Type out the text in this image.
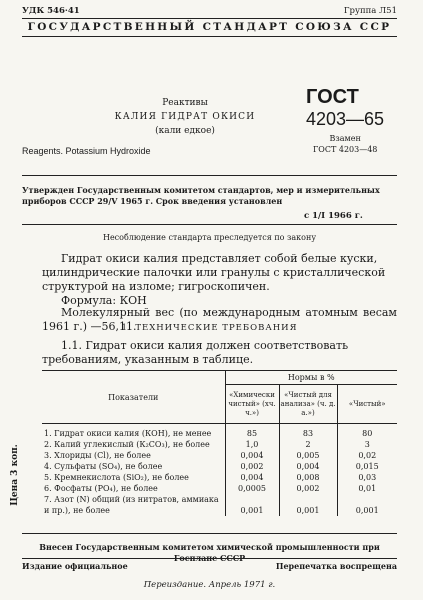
УДК 546·41	Группа Л51
ГОСУДАРСТВЕННЫЙ СТАНДАРТ СОЮЗА ССР
Реактивы
КАЛИЯ ГИДРАТ ОКИСИ
(кали едкое)
Reagents. Potassium Hydroxide
ГОСТ
4203—65
Взамен
ГОСТ 4203—48
Утвержден Государственным комитетом стандартов, мер и измерительных приборов СССР 29/V 1965 г. Срок введения установлен
с 1/I 1966 г.
Несоблюдение стандарта преследуется по закону
Гидрат окиси калия представляет собой белые куски, цилиндрические палочки или гранулы с кристаллической структурой на изломе; гигроскопичен.
Формула: КОН
Молекулярный вес (по международным атомным весам 1961 г.) —56,11.
1. ТЕХНИЧЕСКИЕ ТРЕБОВАНИЯ
1.1. Гидрат окиси калия должен соответствовать требованиям, указанным в таблице.
Показатели	Нормы в %		
	«Химически чистый» (хч. ч.»)	«Чистый для анализа» (ч. д. а.»)	«Чистый»
1. Гидрат окиси калия (КОН), не менее	85	83	80
2. Калий углекислый (К₂СО₃), не более	1,0	2	3
3. Хлориды (Cl), не более	0,004	0,005	0,02
4. Сульфаты (SO₄), не более	0,002	0,004	0,015
5. Кремнекислота (SiO₂), не более	0,004	0,008	0,03
6. Фосфаты (PO₄), не более	0,0005	0,002	0,01
7. Азот (N) общий (из нитратов, аммиака и пр.), не более	0,001	0,001	0,001
Цена 3 коп.
Внесен Государственным комитетом химической промышленности при Госплане СССР
Издание официальное	Перепечатка воспрещена
Переиздание. Апрель 1971 г.
